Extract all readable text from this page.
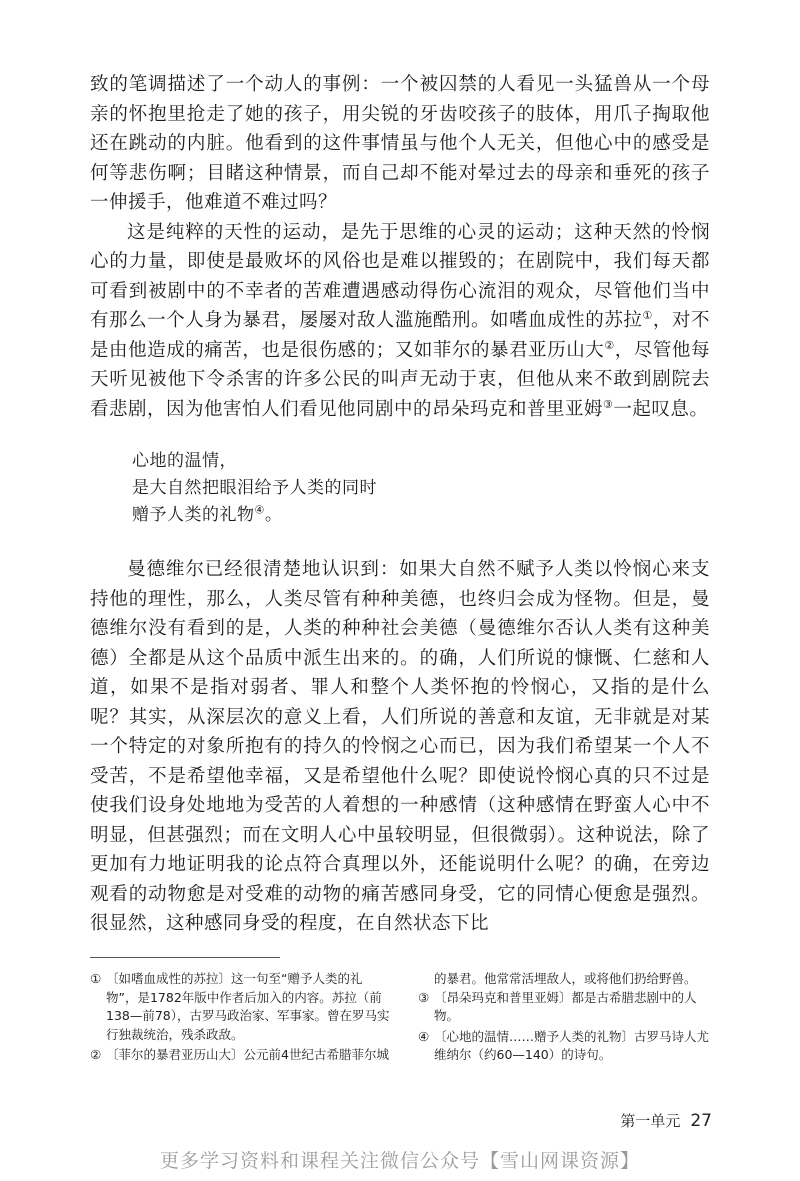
致的笔调描述了一个动人的事例：一个被囚禁的人看见一头猛兽从一个母亲的怀抱里抢走了她的孩子，用尖锐的牙齿咬孩子的肢体，用爪子掏取他还在跳动的内脏。他看到的这件事情虽与他个人无关，但他心中的感受是何等悲伤啊；目睹这种情景，而自己却不能对晕过去的母亲和垂死的孩子一伸援手，他难道不难过吗？

这是纯粹的天性的运动，是先于思维的心灵的运动；这种天然的怜悯心的力量，即使是最败坏的风俗也是难以摧毁的；在剧院中，我们每天都可看到被剧中的不幸者的苦难遭遇感动得伤心流泪的观众，尽管他们当中有那么一个人身为暴君，屡屡对敌人滥施酷刑。如嗜血成性的苏拉①，对不是由他造成的痛苦，也是很伤感的；又如菲尔的暴君亚历山大②，尽管他每天听见被他下令杀害的许多公民的叫声无动于衷，但他从来不敢到剧院去看悲剧，因为他害怕人们看见他同剧中的昂朵玛克和普里亚姆③一起叹息。

心地的温情，
是大自然把眼泪给予人类的同时
赠予人类的礼物④。

曼德维尔已经很清楚地认识到：如果大自然不赋予人类以怜悯心来支持他的理性，那么，人类尽管有种种美德，也终归会成为怪物。但是，曼德维尔没有看到的是，人类的种种社会美德（曼德维尔否认人类有这种美德）全都是从这个品质中派生出来的。的确，人们所说的慷慨、仁慈和人道，如果不是指对弱者、罪人和整个人类怀抱的怜悯心，又指的是什么呢？其实，从深层次的意义上看，人们所说的善意和友谊，无非就是对某一个特定的对象所抱有的持久的怜悯之心而已，因为我们希望某一个人不受苦，不是希望他幸福，又是希望他什么呢？即使说怜悯心真的只不过是使我们设身处地地为受苦的人着想的一种感情（这种感情在野蛮人心中不明显，但甚强烈；而在文明人心中虽较明显，但很微弱）。这种说法，除了更加有力地证明我的论点符合真理以外，还能说明什么呢？的确，在旁边观看的动物愈是对受难的动物的痛苦感同身受，它的同情心便愈是强烈。很显然，这种感同身受的程度，在自然状态下比

① 〔如嗜血成性的苏拉〕这一句至“赠予人类的礼物”，是1782年版中作者后加入的内容。苏拉（前138—前78），古罗马政治家、军事家。曾在罗马实行独裁统治，残杀政敌。
② 〔菲尔的暴君亚历山大〕公元前4世纪古希腊菲尔城
的暴君。他常常活埋敌人，或将他们扔给野兽。
③ 〔昂朵玛克和普里亚姆〕都是古希腊悲剧中的人物。
④ 〔心地的温情……赠予人类的礼物〕古罗马诗人尤维纳尔（约60—140）的诗句。
第一单元 27
更多学习资料和课程关注微信公众号【雪山网课资源】
